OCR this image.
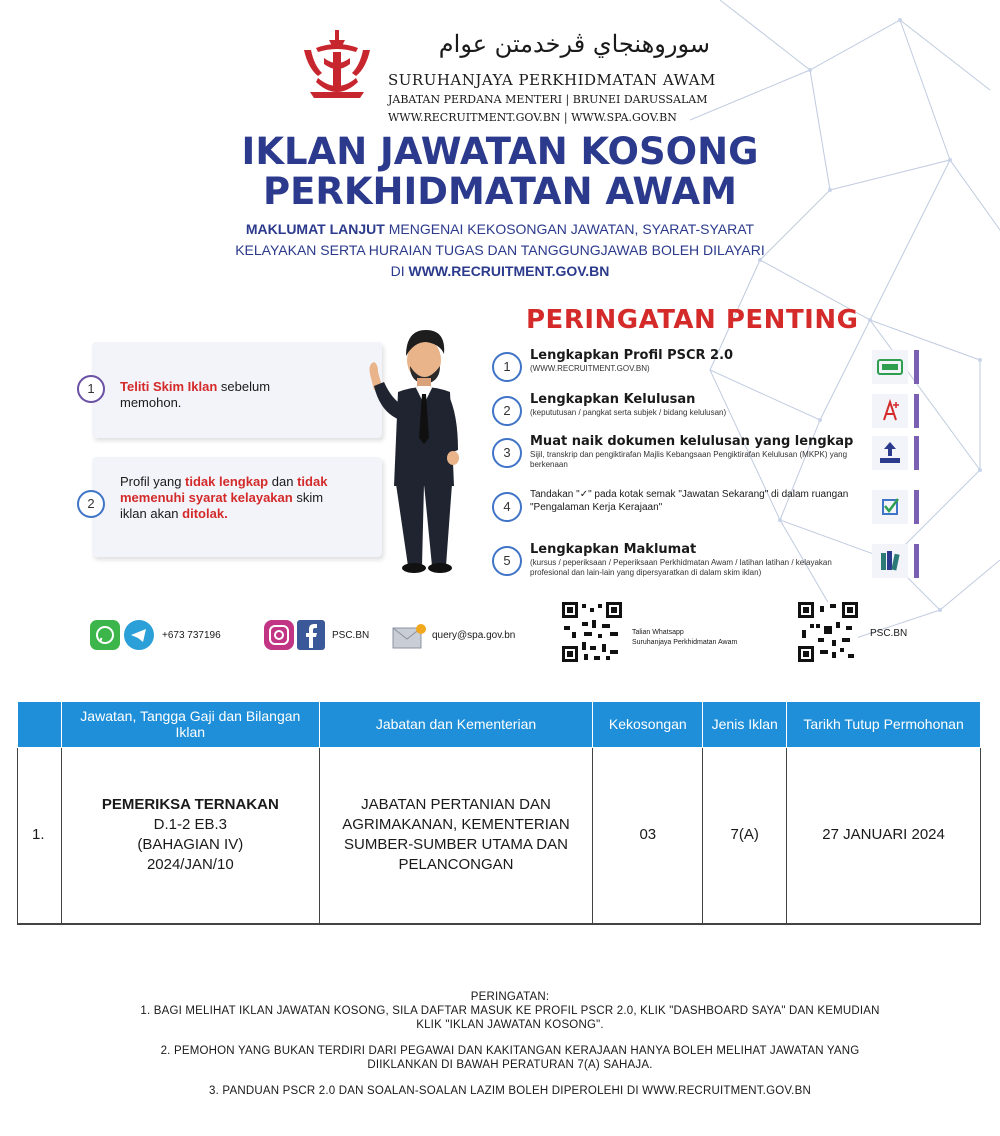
سوروهنجاي ڤرخدمتن عوام
SURUHANJAYA PERKHIDMATAN AWAM
JABATAN PERDANA MENTERI | BRUNEI DARUSSALAM
WWW.RECRUITMENT.GOV.BN | WWW.SPA.GOV.BN
IKLAN JAWATAN KOSONG
PERKHIDMATAN AWAM
MAKLUMAT LANJUT MENGENAI KEKOSONGAN JAWATAN, SYARAT-SYARAT
KELAYAKAN SERTA HURAIAN TUGAS DAN TANGGUNGJAWAB BOLEH DILAYARI
DI WWW.RECRUITMENT.GOV.BN
1	Teliti Skim Iklan sebelum memohon.
2
Profil yang tidak lengkap dan tidak memenuhi syarat kelayakan skim iklan akan ditolak.
PERINGATAN PENTING
1
Lengkapkan Profil PSCR 2.0
(WWW.RECRUITMENT.GOV.BN)
2
Lengkapkan Kelulusan
(kepututusan / pangkat serta subjek / bidang kelulusan)
3
Muat naik dokumen kelulusan yang lengkap
Sijil, transkrip dan pengiktirafan Majlis Kebangsaan Pengiktirafan Kelulusan (MKPK) yang berkenaan
4
Tandakan "✓" pada kotak semak "Jawatan Sekarang" di dalam ruangan "Pengalaman Kerja Kerajaan"
5
Lengkapkan Maklumat
(kursus / peperiksaan / Peperiksaan Perkhidmatan Awam / latihan latihan / kelayakan profesional dan lain-lain yang dipersyaratkan di dalam skim iklan)
+673 737196	PSC.BN	query@spa.gov.bn	Talian Whatsapp
Suruhanjaya Perkhidmatan Awam
PSC.BN
	Jawatan, Tangga Gaji dan Bilangan Iklan	Jabatan dan Kementerian	Kekosongan	Jenis Iklan	Tarikh Tutup Permohonan
1.	PEMERIKSA TERNAKAN
D.1-2 EB.3
(BAHAGIAN IV)
2024/JAN/10	JABATAN PERTANIAN DAN AGRIMAKANAN, KEMENTERIAN SUMBER-SUMBER UTAMA DAN PELANCONGAN	03	7(A)	27 JANUARI 2024

PERINGATAN:

1. BAGI MELIHAT IKLAN JAWATAN KOSONG, SILA DAFTAR MASUK KE PROFIL PSCR 2.0, KLIK "DASHBOARD SAYA" DAN KEMUDIAN KLIK "IKLAN JAWATAN KOSONG".

2. PEMOHON YANG BUKAN TERDIRI DARI PEGAWAI DAN KAKITANGAN KERAJAAN HANYA BOLEH MELIHAT JAWATAN YANG DIIKLANKAN DI BAWAH PERATURAN 7(A) SAHAJA.

3. PANDUAN PSCR 2.0 DAN SOALAN-SOALAN LAZIM BOLEH DIPEROLEHI DI WWW.RECRUITMENT.GOV.BN
